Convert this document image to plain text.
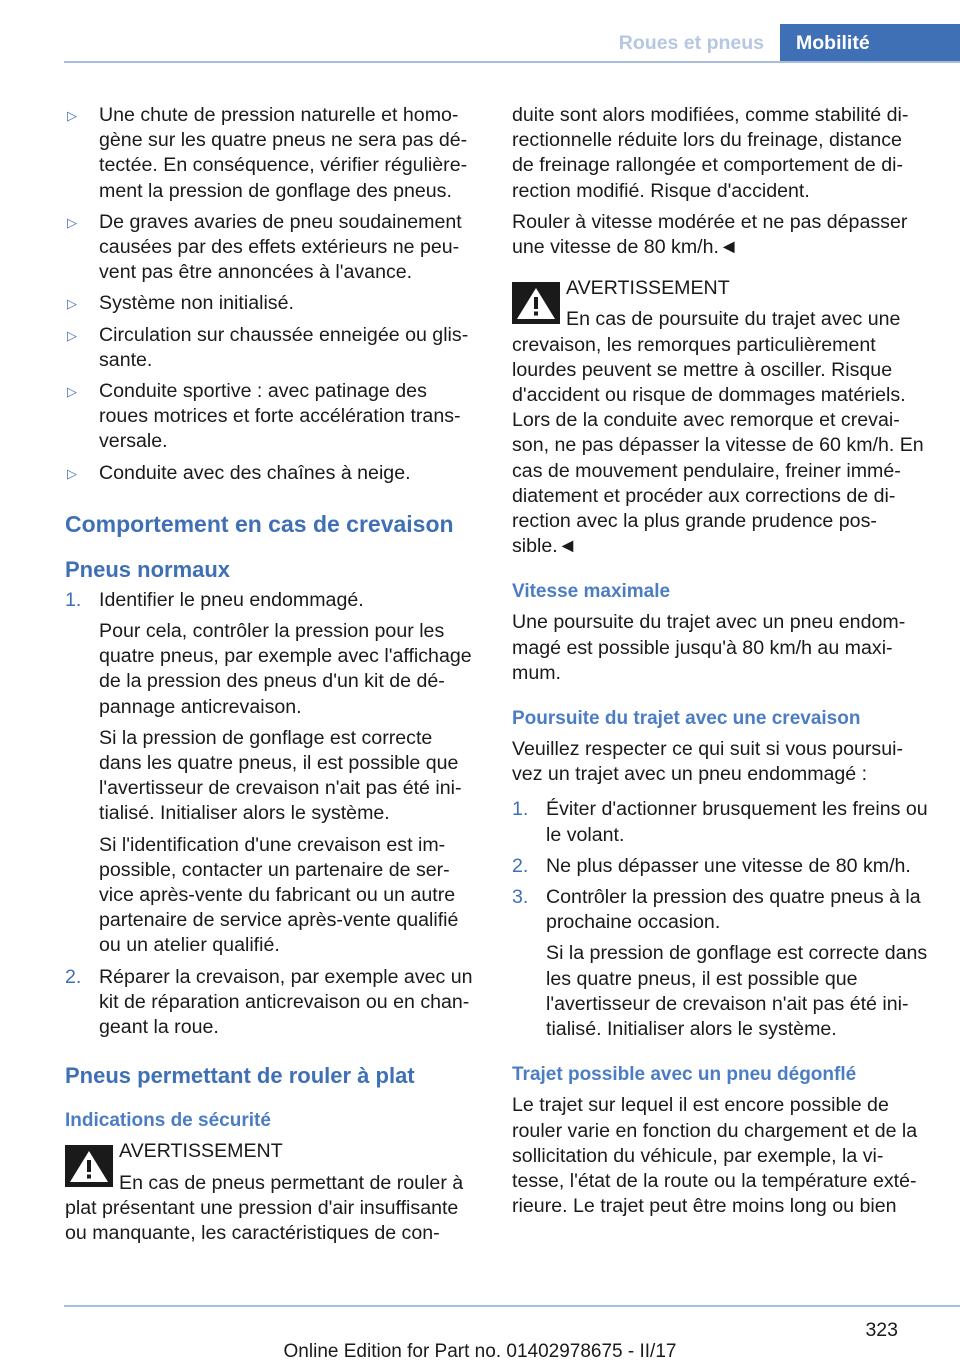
Roues et pneus	Mobilité
▷ Une chute de pression naturelle et homo-gène sur les quatre pneus ne sera pas dé-tectée. En conséquence, vérifier régulière-ment la pression de gonflage des pneus.
▷ De graves avaries de pneu soudainement causées par des effets extérieurs ne peu-vent pas être annoncées à l'avance.
▷ Système non initialisé.
▷ Circulation sur chaussée enneigée ou glis-sante.
▷ Conduite sportive : avec patinage des roues motrices et forte accélération trans-versale.
▷ Conduite avec des chaînes à neige.
Comportement en cas de crevaison
Pneus normaux
1. Identifier le pneu endommagé.
Pour cela, contrôler la pression pour les quatre pneus, par exemple avec l'affichage de la pression des pneus d'un kit de dé-pannage anticrevaison.
Si la pression de gonflage est correcte dans les quatre pneus, il est possible que l'avertisseur de crevaison n'ait pas été ini-tialisé. Initialiser alors le système.
Si l'identification d'une crevaison est im-possible, contacter un partenaire de ser-vice après-vente du fabricant ou un autre partenaire de service après-vente qualifié ou un atelier qualifié.
2. Réparer la crevaison, par exemple avec un kit de réparation anticrevaison ou en chan-geant la roue.
Pneus permettant de rouler à plat
Indications de sécurité
AVERTISSEMENT
En cas de pneus permettant de rouler à plat présentant une pression d'air insuffisante ou manquante, les caractéristiques de con-

duite sont alors modifiées, comme stabilité di-rectionnelle réduite lors du freinage, distance de freinage rallongée et comportement de di-rection modifié. Risque d'accident.

Rouler à vitesse modérée et ne pas dépasser une vitesse de 80 km/h.◄

AVERTISSEMENT
En cas de poursuite du trajet avec une crevaison, les remorques particulièrement lourdes peuvent se mettre à osciller. Risque d'accident ou risque de dommages matériels. Lors de la conduite avec remorque et crevai-son, ne pas dépasser la vitesse de 60 km/h. En cas de mouvement pendulaire, freiner immé-diatement et procéder aux corrections de di-rection avec la plus grande prudence pos-sible.◄
Vitesse maximale

Une poursuite du trajet avec un pneu endom-magé est possible jusqu'à 80 km/h au maxi-mum.

Poursuite du trajet avec une crevaison

Veuillez respecter ce qui suit si vous poursui-vez un trajet avec un pneu endommagé :

1. Éviter d'actionner brusquement les freins ou le volant.
2. Ne plus dépasser une vitesse de 80 km/h.
3. Contrôler la pression des quatre pneus à la prochaine occasion.
Si la pression de gonflage est correcte dans les quatre pneus, il est possible que l'avertisseur de crevaison n'ait pas été ini-tialisé. Initialiser alors le système.
Trajet possible avec un pneu dégonflé

Le trajet sur lequel il est encore possible de rouler varie en fonction du chargement et de la sollicitation du véhicule, par exemple, la vi-tesse, l'état de la route ou la température exté-rieure. Le trajet peut être moins long ou bien

323
Online Edition for Part no. 01402978675 - II/17
